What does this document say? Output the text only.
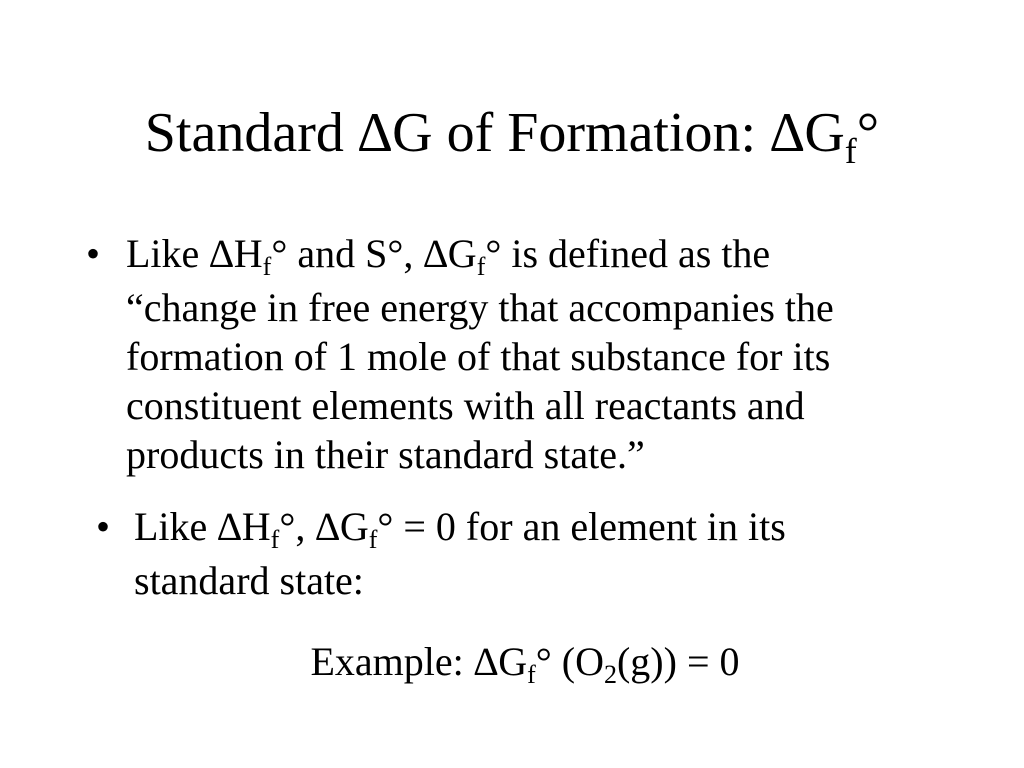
Standard ∆G of Formation: $\Delta G_f^\circ$
• Like $\Delta H_f^\circ$ and S°, $\Delta G_f^\circ$ is defined as the
“change in free energy that accompanies the
formation of 1 mole of that substance for its
constituent elements with all reactants and
products in their standard state.”
• Like $\Delta H_f^\circ$, $\Delta G_f^\circ = 0$ for an element in its
standard state:
Example: $\Delta G_f^\circ$ $(O_2(g)) = 0$
